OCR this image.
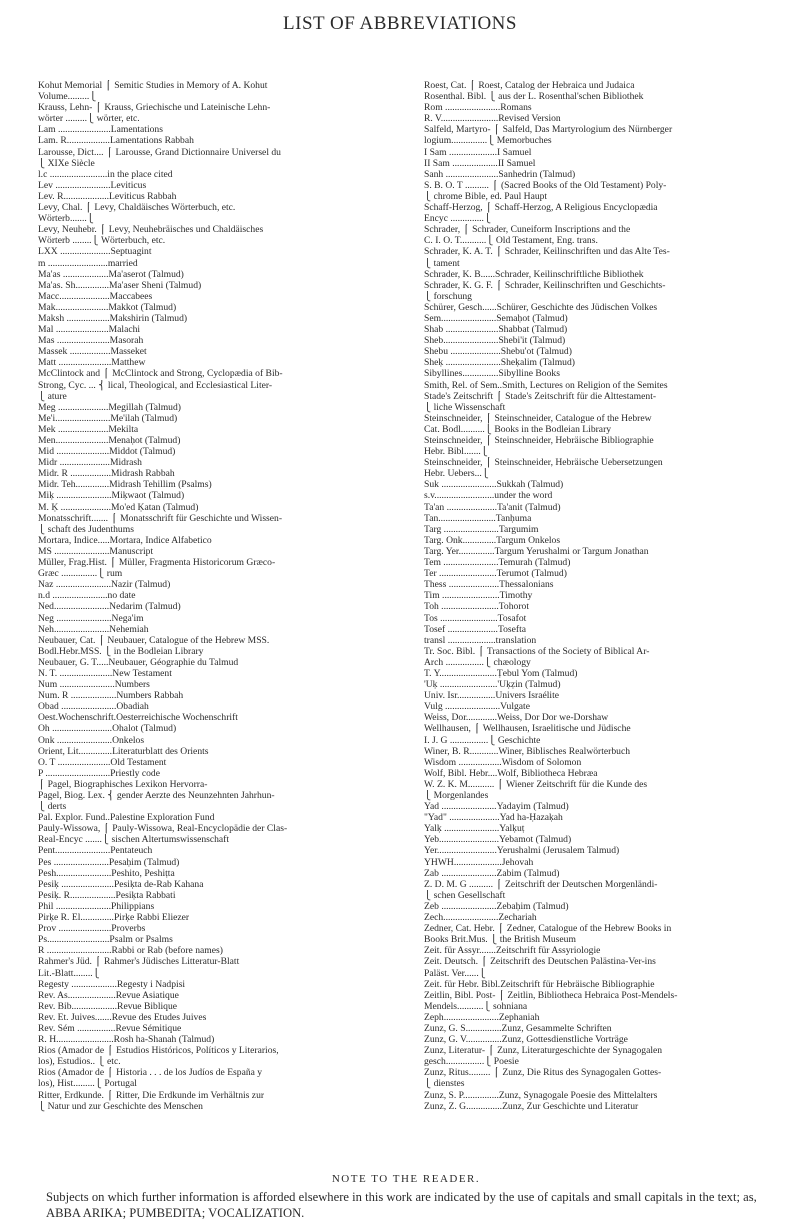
LIST OF ABBREVIATIONS
Kohut Memorial ⎧ Semitic Studies in Memory of A. Kohut
Volume.........⎩
Krauss, Lehn- ⎧ Krauss, Griechische und Lateinische Lehn-
wörter .........⎩ wörter, etc.
Lam ......................Lamentations
Lam. R..................Lamentations Rabbah
Larousse, Dict.... ⎧ Larousse, Grand Dictionnaire Universel du
⎩ XIXe Siècle
l.c ........................in the place cited
Lev .......................Leviticus
Lev. R...................Leviticus Rabbah
Levy, Chal. ⎧ Levy, Chaldäisches Wörterbuch, etc.
Wörterb.......⎩
Levy, Neuhebr. ⎧ Levy, Neuhebräisches und Chaldäisches
Wörterb ........⎩ Wörterbuch, etc.
LXX .....................Septuagint
m .........................married
Ma'as ...................Ma'aserot (Talmud)
Ma'as. Sh..............Ma'aser Sheni (Talmud)
Macc.....................Maccabees
Mak......................Makkot (Talmud)
Maksh ..................Makshirin (Talmud)
Mal ......................Malachi
Mas ......................Masorah
Massek .................Masseket
Matt ......................Matthew
McClintock and ⎧ McClintock and Strong, Cyclopædia of Bib-
Strong, Cyc. ... ⎨ lical, Theological, and Ecclesiastical Liter-
⎩ ature
Meg .....................Megillah (Talmud)
Me'i.......................Me'ilah (Talmud)
Mek .....................Mekilta
Men......................Menaḥot (Talmud)
Mid ......................Middot (Talmud)
Midr .....................Midrash
Midr. R .................Midrash Rabbah
Midr. Teh..............Midrash Tehillim (Psalms)
Miḳ .......................Miḳwaot (Talmud)
M. Ḳ .....................Mo'ed Ḳatan (Talmud)
Monatsschrift....... ⎧ Monatsschrift für Geschichte und Wissen-
⎩ schaft des Judenthums
Mortara, Indice.....Mortara, Indice Alfabetico
MS .......................Manuscript
Müller, Frag.Hist. ⎧ Müller, Fragmenta Historicorum Græco-
Græc ...............⎩ rum
Naz .......................Nazir (Talmud)
n.d .......................no date
Ned.......................Nedarim (Talmud)
Neg .......................Nega'im
Neh.......................Nehemiah
Neubauer, Cat. ⎧ Neubauer, Catalogue of the Hebrew MSS.
Bodl.Hebr.MSS. ⎩ in the Bodleian Library
Neubauer, G. T.....Neubauer, Géographie du Talmud
N. T. ......................New Testament
Num .......................Numbers
Num. R ...................Numbers Rabbah
Obad .......................Obadiah
Oest.Wochenschrift.Oesterreichische Wochenschrift
Oh .........................Ohalot (Talmud)
Onk .......................Onkelos
Orient, Lit..............Literaturblatt des Orients
O. T ......................Old Testament
P ...........................Priestly code
⎧ Pagel, Biographisches Lexikon Hervorra-
Pagel, Biog. Lex. ⎨ gender Aerzte des Neunzehnten Jahrhun-
⎩ derts
Pal. Explor. Fund..Palestine Exploration Fund
Pauly-Wissowa, ⎧ Pauly-Wissowa, Real-Encyclopädie der Clas-
Real-Encyc .......⎩ sischen Altertumswissenschaft
Pent.......................Pentateuch
Pes .......................Pesaḥim (Talmud)
Pesh.......................Peshito, Peshiṭta
Pesiḳ ......................Pesiḳta de-Rab Kahana
Pesiḳ. R...................Pesiḳta Rabbati
Phil .......................Philippians
Pirḳe R. El..............Pirḳe Rabbi Eliezer
Prov ......................Proverbs
Ps..........................Psalm or Psalms
R ...........................Rabbi or Rab (before names)
Rahmer's Jüd. ⎧ Rahmer's Jüdisches Litteratur-Blatt
Lit.-Blatt........⎩
Regesty ...................Regesty i Nadpisi
Rev. As....................Revue Asiatique
Rev. Bib...................Revue Biblique
Rev. Et. Juives.......Revue des Etudes Juives
Rev. Sém ................Revue Sémitique
R. H........................Rosh ha-Shanah (Talmud)
Rios (Amador de ⎧ Estudios Históricos, Políticos y Literarios,
los), Estudios.. ⎩ etc.
Rios (Amador de ⎧ Historia . . . de los Judíos de España y
los), Hist.........⎩ Portugal
Ritter, Erdkunde. ⎧ Ritter, Die Erdkunde im Verhältnis zur
⎩ Natur und zur Geschichte des Menschen
Roest, Cat. ⎧ Roest, Catalog der Hebraica und Judaica
Rosenthal. Bibl. ⎩ aus der L. Rosenthal'schen Bibliothek
Rom .......................Romans
R. V........................Revised Version
Salfeld, Martyro- ⎧ Salfeld, Das Martyrologium des Nürnberger
logium...............⎩ Memorbuches
I Sam ....................I Samuel
II Sam ...................II Samuel
Sanh ......................Sanhedrin (Talmud)
S. B. O. T .......... ⎧ (Sacred Books of the Old Testament) Poly-
⎩ chrome Bible, ed. Paul Haupt
Schaff-Herzog, ⎧ Schaff-Herzog, A Religious Encyclopædia
Encyc ..............⎩
Schrader, ⎧ Schrader, Cuneiform Inscriptions and the
C. I. O. T...........⎩ Old Testament, Eng. trans.
Schrader, K. A. T. ⎧ Schrader, Keilinschriften und das Alte Tes-
⎩ tament
Schrader, K. B......Schrader, Keilinschriftliche Bibliothek
Schrader, K. G. F. ⎧ Schrader, Keilinschriften und Geschichts-
⎩ forschung
Schürer, Gesch......Schürer, Geschichte des Jüdischen Volkes
Sem.......................Semaḥot (Talmud)
Shab ......................Shabbat (Talmud)
Sheb.......................Shebi'it (Talmud)
Shebu .....................Shebu'ot (Talmud)
Sheḳ .......................Sheḳalim (Talmud)
Sibyllines...............Sibylline Books
Smith, Rel. of Sem..Smith, Lectures on Religion of the Semites
Stade's Zeitschrift ⎧ Stade's Zeitschrift für die Alttestament-
⎩ liche Wissenschaft
Steinschneider, ⎧ Steinschneider, Catalogue of the Hebrew
Cat. Bodl..........⎩ Books in the Bodleian Library
Steinschneider, ⎧ Steinschneider, Hebräische Bibliographie
Hebr. Bibl.......⎩
Steinschneider, ⎧ Steinschneider, Hebräische Uebersetzungen
Hebr. Uebers...⎩
Suk .......................Sukkah (Talmud)
s.v.........................under the word
Ta'an .....................Ta'anit (Talmud)
Tan........................Tanḥuma
Targ .......................Targumim
Targ. Onk..............Targum Onkelos
Targ. Yer...............Targum Yerushalmi or Targum Jonathan
Tem .......................Temurah (Talmud)
Ter ........................Terumot (Talmud)
Thess .....................Thessalonians
Tim ........................Timothy
Toh ........................Tohorot
Tos ........................Tosafot
Tosef .....................Tosefta
transl ....................translation
Tr. Soc. Bibl. ⎧ Transactions of the Society of Biblical Ar-
Arch ................⎩ chæology
T. Y........................Ṭebul Yom (Talmud)
'Uḳ ........................'Uḳẓin (Talmud)
Univ. Isr................Univers Israélite
Vulg .......................Vulgate
Weiss, Dor.............Weiss, Dor Dor we-Dorshaw
Wellhausen, ⎧ Wellhausen, Israelitische und Jüdische
I. J. G ................⎩ Geschichte
Winer, B. R............Winer, Biblisches Realwörterbuch
Wisdom ..................Wisdom of Solomon
Wolf, Bibl. Hebr....Wolf, Bibliotheca Hebræa
W. Z. K. M........... ⎧ Wiener Zeitschrift für die Kunde des
⎩ Morgenlandes
Yad .......................Yadayim (Talmud)
"Yad" .....................Yad ha-Ḥazaḳah
Yalḳ .......................Yalḳuṭ
Yeb.........................Yebamot (Talmud)
Yer.........................Yerushalmi (Jerusalem Talmud)
YHWH....................Jehovah
Zab .......................Zabim (Talmud)
Z. D. M. G .......... ⎧ Zeitschrift der Deutschen Morgenländi-
⎩ schen Gesellschaft
Zeb .......................Zebaḥim (Talmud)
Zech.......................Zechariah
Zedner, Cat. Hebr. ⎧ Zedner, Catalogue of the Hebrew Books in
Books Brit.Mus. ⎩ the British Museum
Zeit. für Assyr.......Zeitschrift für Assyriologie
Zeit. Deutsch. ⎧ Zeitschrift des Deutschen Palästina-Ver-ins
Paläst. Ver......⎩
Zeit. für Hebr. Bibl.Zeitschrift für Hebräische Bibliographie
Zeitlin, Bibl. Post- ⎧ Zeitlin, Bibliotheca Hebraica Post-Mendels-
Mendels...........⎩ sohniana
Zeph.......................Zephaniah
Zunz, G. S...............Zunz, Gesammelte Schriften
Zunz, G. V...............Zunz, Gottesdienstliche Vorträge
Zunz, Literatur- ⎧ Zunz, Literaturgeschichte der Synagogalen
gesch................⎩ Poesie
Zunz, Ritus......... ⎧ Zunz, Die Ritus des Synagogalen Gottes-
⎩ dienstes
Zunz, S. P...............Zunz, Synagogale Poesie des Mittelalters
Zunz, Z. G...............Zunz, Zur Geschichte und Literatur
NOTE TO THE READER.
Subjects on which further information is afforded elsewhere in this work are indicated by the use of capitals and small capitals in the text; as, ABBA ARIKA; PUMBEDITA; VOCALIZATION.
